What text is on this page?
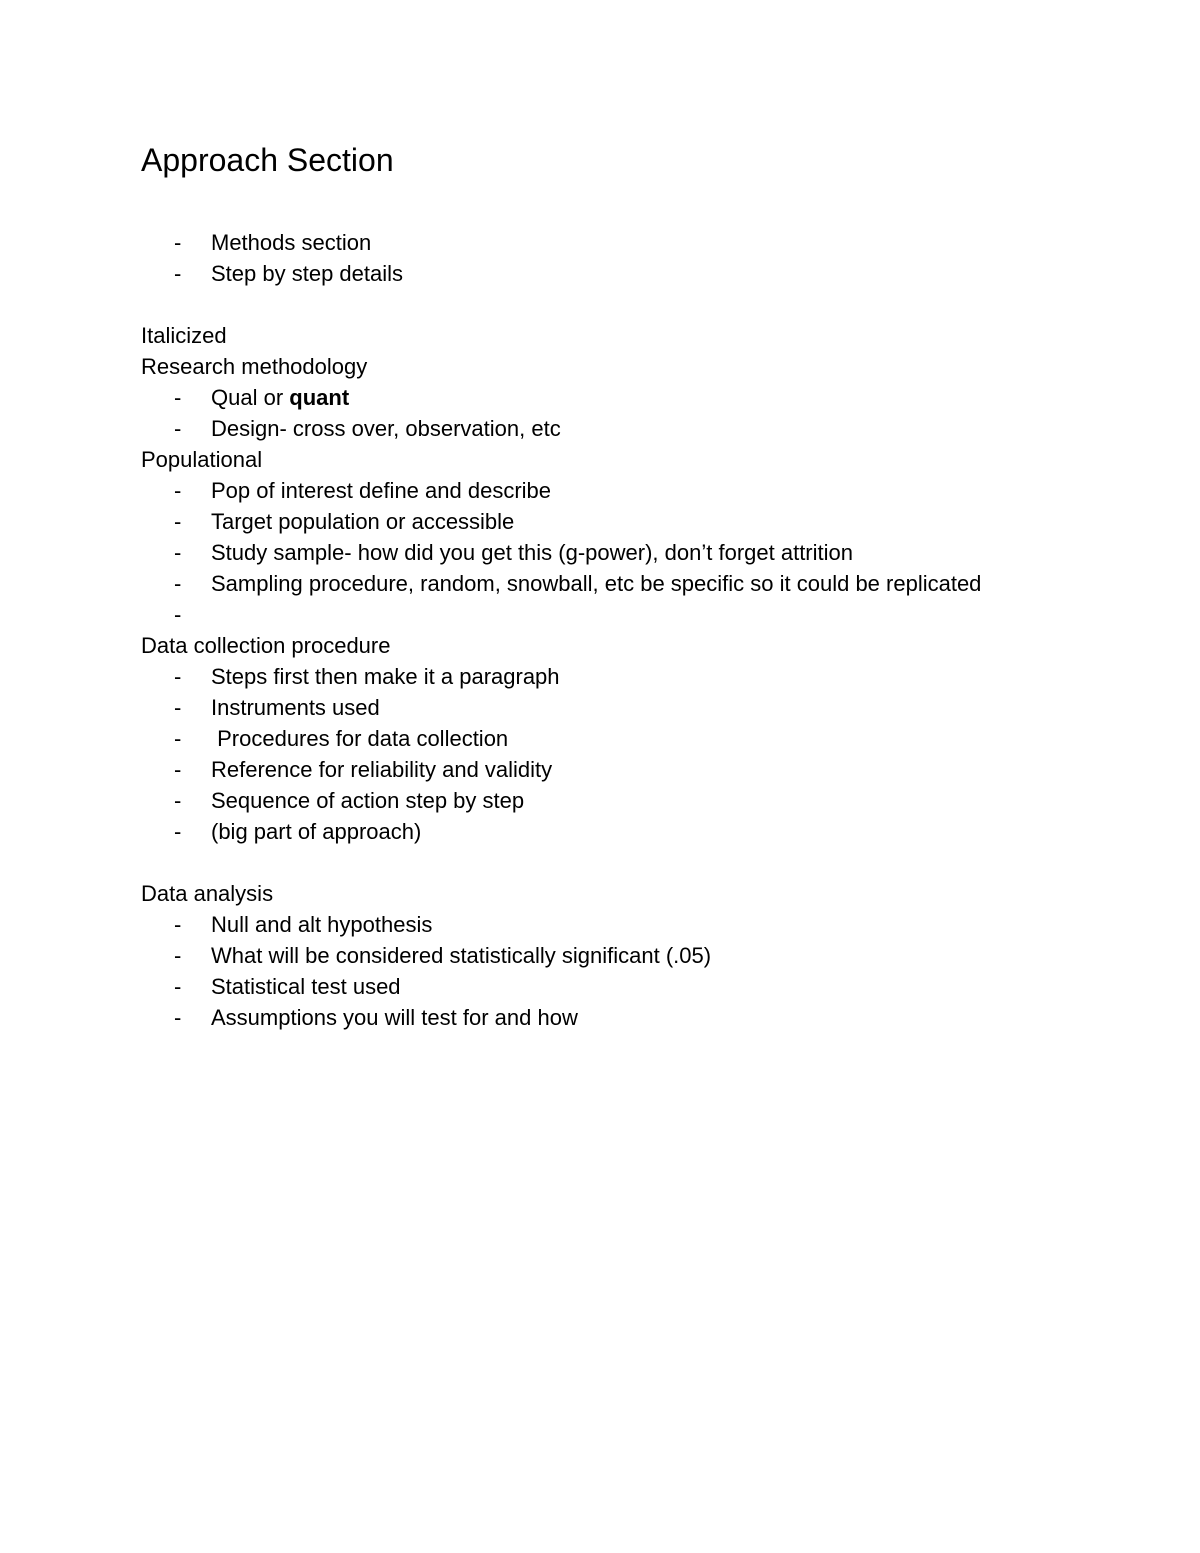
Approach Section
- Methods section
- Step by step details

Italicized

Research methodology

- Qual or quant
- Design- cross over, observation, etc

Populational

- Pop of interest define and describe
- Target population or accessible
- Study sample- how did you get this (g-power), don’t forget attrition
- Sampling procedure, random, snowball, etc be specific so it could be replicated
-

Data collection procedure

- Steps first then make it a paragraph
- Instruments used
- Procedures for data collection
- Reference for reliability and validity
- Sequence of action step by step
- (big part of approach)

Data analysis

- Null and alt hypothesis
- What will be considered statistically significant (.05)
- Statistical test used
- Assumptions you will test for and how
